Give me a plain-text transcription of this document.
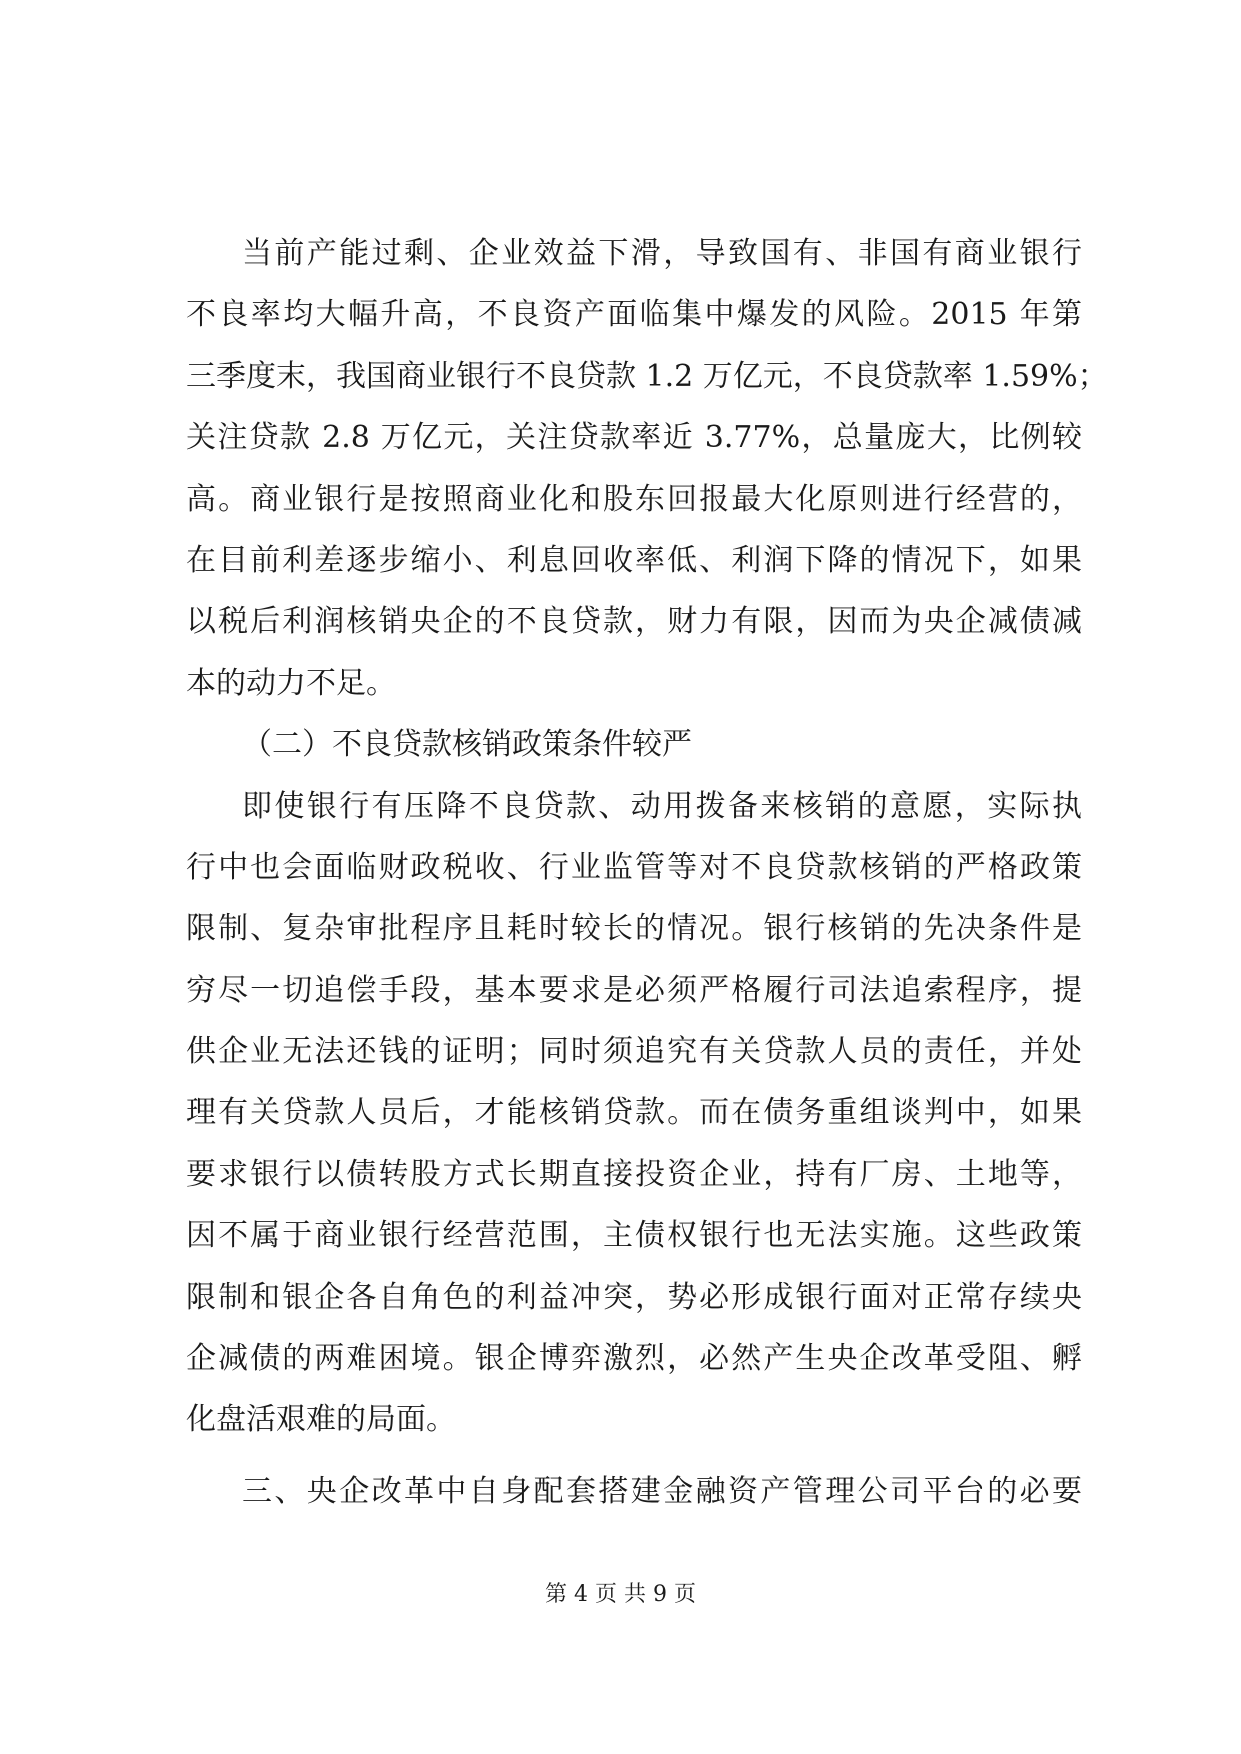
当前产能过剩、企业效益下滑，导致国有、非国有商业银行
不良率均大幅升高，不良资产面临集中爆发的风险。2015 年第
三季度末，我国商业银行不良贷款 1.2 万亿元，不良贷款率 1.59%；
关注贷款 2.8 万亿元，关注贷款率近 3.77%，总量庞大，比例较
高。商业银行是按照商业化和股东回报最大化原则进行经营的，
在目前利差逐步缩小、利息回收率低、利润下降的情况下，如果
以税后利润核销央企的不良贷款，财力有限，因而为央企减债减
本的动力不足。
（二）不良贷款核销政策条件较严
即使银行有压降不良贷款、动用拨备来核销的意愿，实际执
行中也会面临财政税收、行业监管等对不良贷款核销的严格政策
限制、复杂审批程序且耗时较长的情况。银行核销的先决条件是
穷尽一切追偿手段，基本要求是必须严格履行司法追索程序，提
供企业无法还钱的证明；同时须追究有关贷款人员的责任，并处
理有关贷款人员后，才能核销贷款。而在债务重组谈判中，如果
要求银行以债转股方式长期直接投资企业，持有厂房、土地等，
因不属于商业银行经营范围，主债权银行也无法实施。这些政策
限制和银企各自角色的利益冲突，势必形成银行面对正常存续央
企减债的两难困境。银企博弈激烈，必然产生央企改革受阻、孵
化盘活艰难的局面。
三、央企改革中自身配套搭建金融资产管理公司平台的必要
第 4 页 共 9 页
